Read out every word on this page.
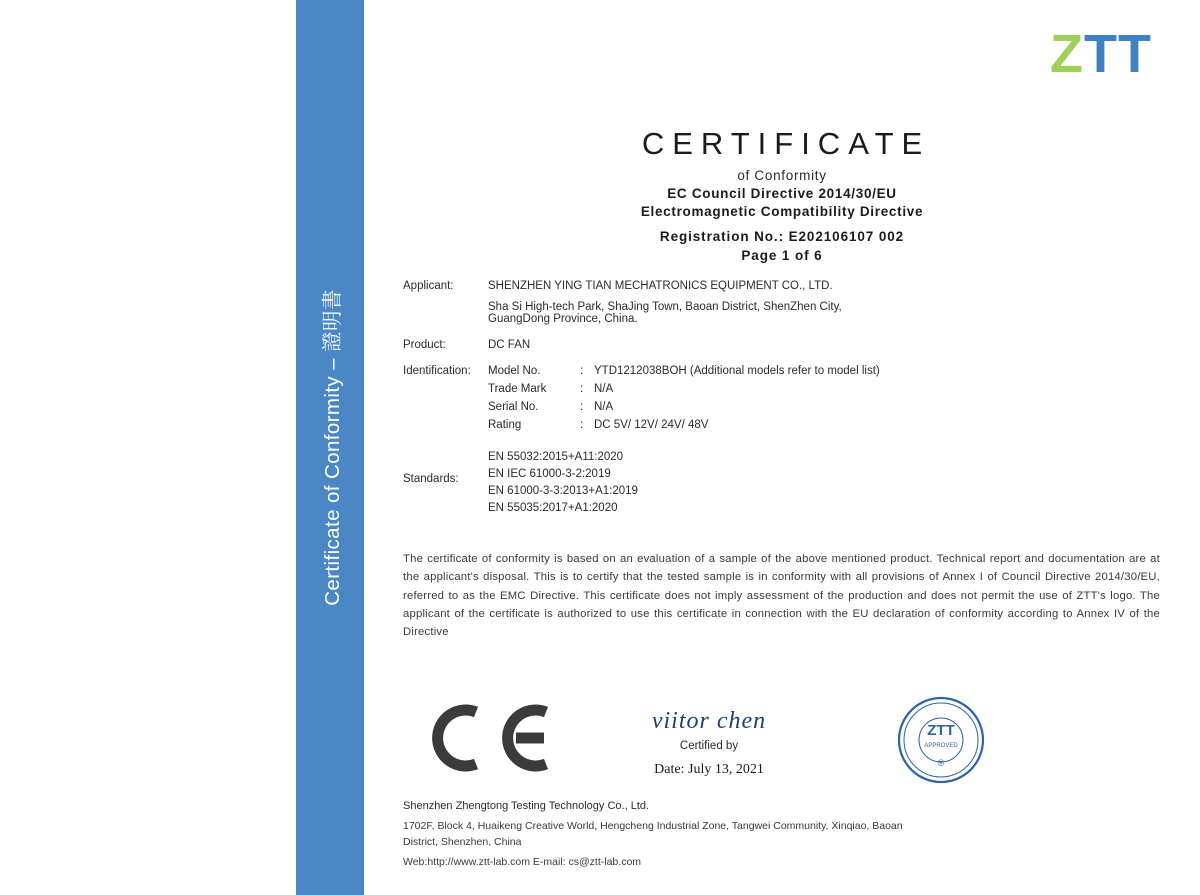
Certificate of Conformity – 證明書
ZTT
CERTIFICATE
of Conformity
EC Council Directive 2014/30/EU
Electromagnetic Compatibility Directive
Registration No.: E202106107 002
Page 1 of 6
Applicant:	SHENZHEN YING TIAN MECHATRONICS EQUIPMENT CO., LTD.
Sha Si High-tech Park, ShaJing Town, Baoan District, ShenZhen City,
GuangDong Province, China.
Product:	DC FAN
Identification:	Model No.	:	YTD1212038BOH (Additional models refer to model list)
Trade Mark	:	N/A
Serial No.	:	N/A
Rating	:	DC 5V/ 12V/ 24V/ 48V
Standards:
EN 55032:2015+A11:2020
EN IEC 61000-3-2:2019
EN 61000-3-3:2013+A1:2019
EN 55035:2017+A1:2020
The certificate of conformity is based on an evaluation of a sample of the above mentioned product. Technical report and documentation are at the applicant's disposal. This is to certify that the tested sample is in conformity with all provisions of Annex I of Council Directive 2014/30/EU, referred to as the EMC Directive. This certificate does not imply assessment of the production and does not permit the use of ZTT's logo. The applicant of the certificate is authorized to use this certificate in connection with the EU declaration of conformity according to Annex IV of the Directive
viitor chen
Certified by
Date: July 13, 2021
ZTT
APPROVED
®
Shenzhen Zhengtong Testing Technology Co., Ltd.
1702F, Block 4, Huaikeng Creative World, Hengcheng Industrial Zone, Tangwei Community, Xinqiao, Baoan
District, Shenzhen, China
Web:http://www.ztt-lab.com E-mail: cs@ztt-lab.com
